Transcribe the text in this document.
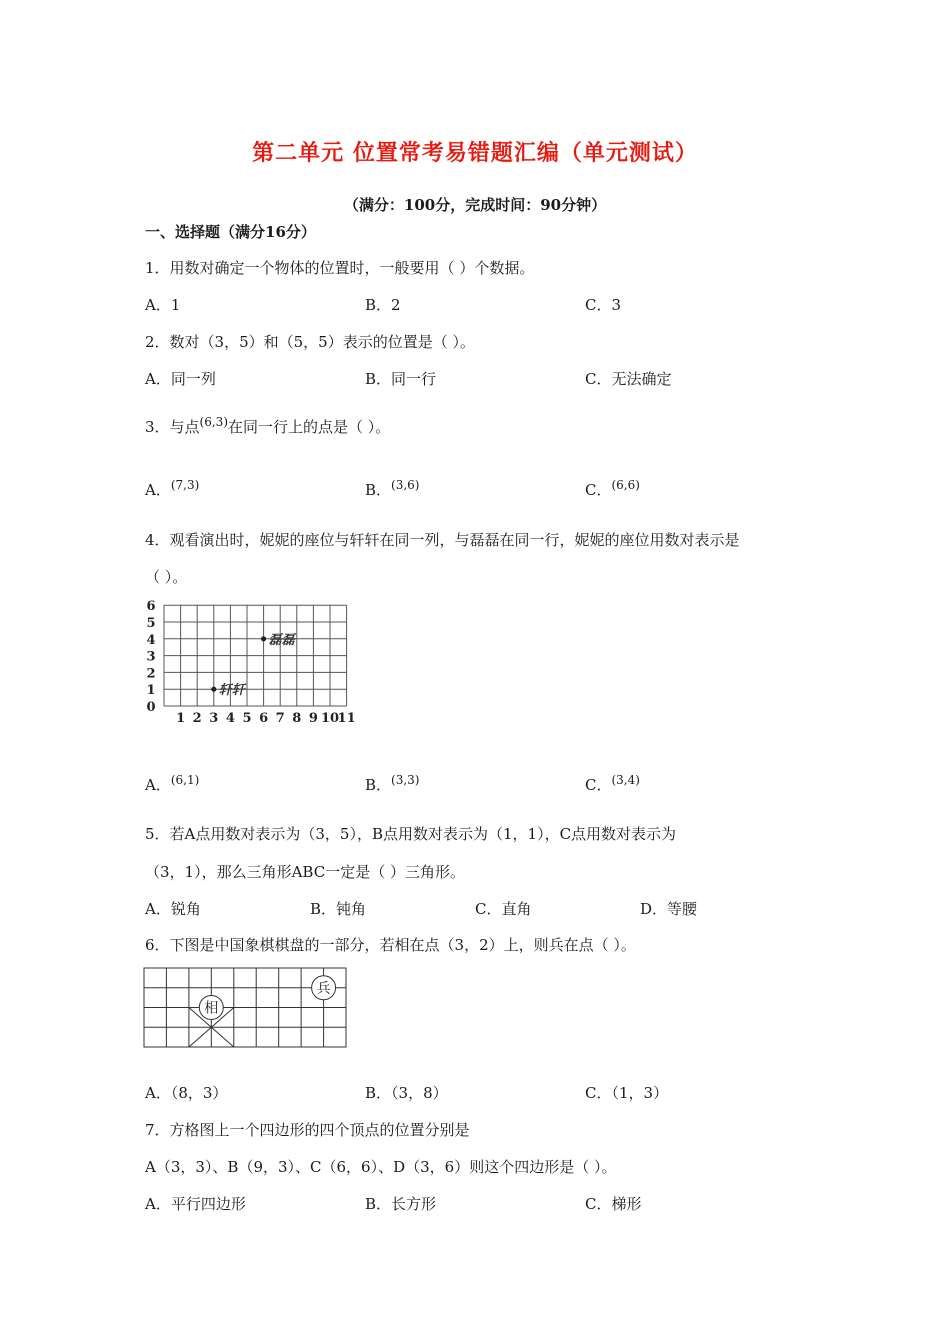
第二单元 位置常考易错题汇编（单元测试）
（满分：100分，完成时间：90分钟）
一、选择题（满分16分）
1．用数对确定一个物体的位置时，一般要用（ ）个数据。
A．1	B．2	C．3
2．数对（3，5）和（5，5）表示的位置是（ ）。
A．同一列	B．同一行	C．无法确定
3．与点$^{(6,3)}$在同一行上的点是（ ）。
A．$^{(7,3)}$	B．$^{(3,6)}$	C．$^{(6,6)}$
4．观看演出时，妮妮的座位与轩轩在同一列，与磊磊在同一行，妮妮的座位用数对表示是
（ ）。
0
1
2
3
4
5
6
1 2 3 4 5 6 7 8 9 10
11
磊磊
轩轩
A．$^{(6,1)}$	B．$^{(3,3)}$	C．$^{(3,4)}$
5．若A点用数对表示为（3，5），B点用数对表示为（1，1），C点用数对表示为
（3，1），那么三角形ABC一定是（ ）三角形。
A．锐角	B．钝角	C．直角	D．等腰
6．下图是中国象棋棋盘的一部分，若相在点（3，2）上，则兵在点（ ）。
相
兵
A．（8，3）	B．（3，8）	C．（1，3）
7．方格图上一个四边形的四个顶点的位置分别是
A（3，3）、B（9，3）、C（6，6）、D（3，6）则这个四边形是（ ）。
A．平行四边形	B．长方形	C．梯形
